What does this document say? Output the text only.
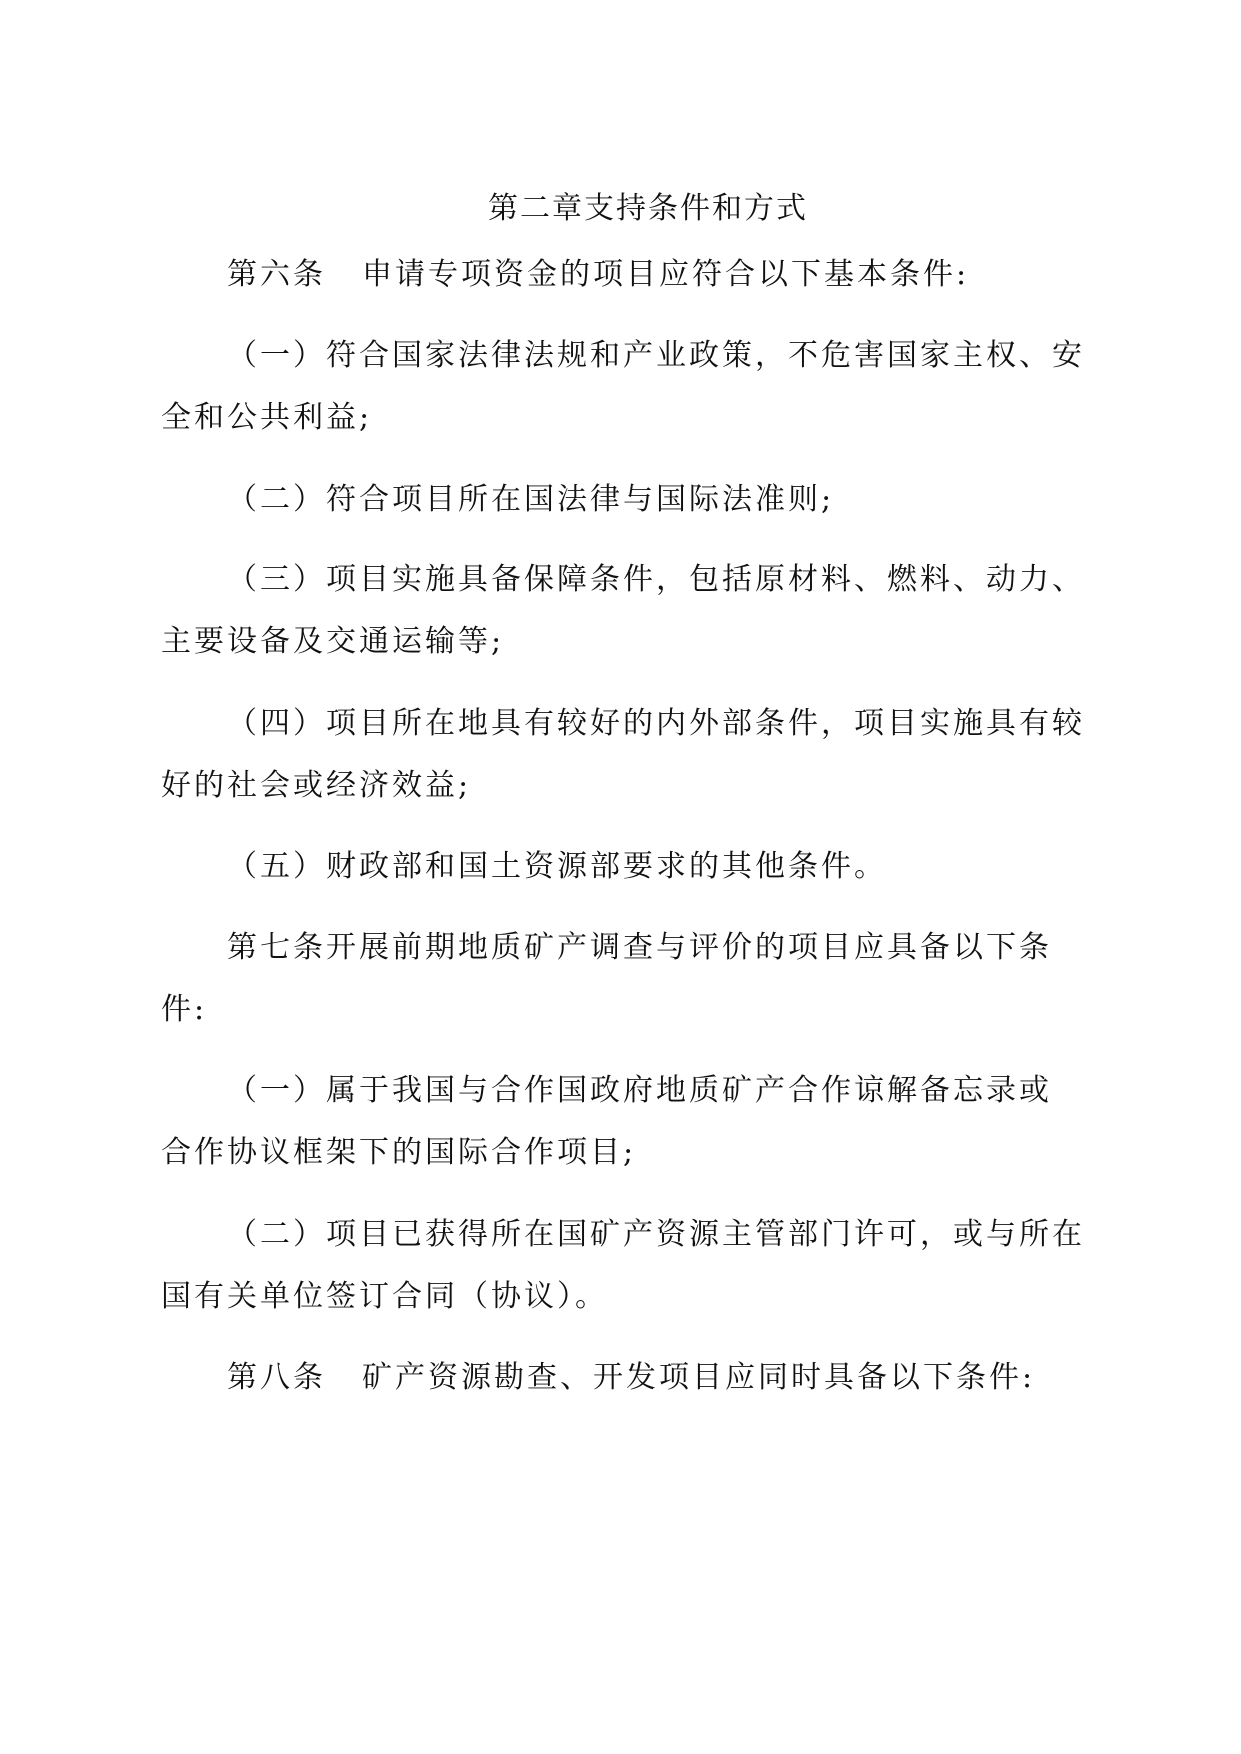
第二章支持条件和方式
第六条 申请专项资金的项目应符合以下基本条件:
（一）符合国家法律法规和产业政策，不危害国家主权、安
全和公共利益;
（二）符合项目所在国法律与国际法准则;
（三）项目实施具备保障条件，包括原材料、燃料、动力、
主要设备及交通运输等;
（四）项目所在地具有较好的内外部条件，项目实施具有较
好的社会或经济效益;
（五）财政部和国土资源部要求的其他条件。
第七条开展前期地质矿产调查与评价的项目应具备以下条
件:
（一）属于我国与合作国政府地质矿产合作谅解备忘录或
合作协议框架下的国际合作项目;
（二）项目已获得所在国矿产资源主管部门许可，或与所在
国有关单位签订合同（协议）。
第八条 矿产资源勘查、开发项目应同时具备以下条件:
